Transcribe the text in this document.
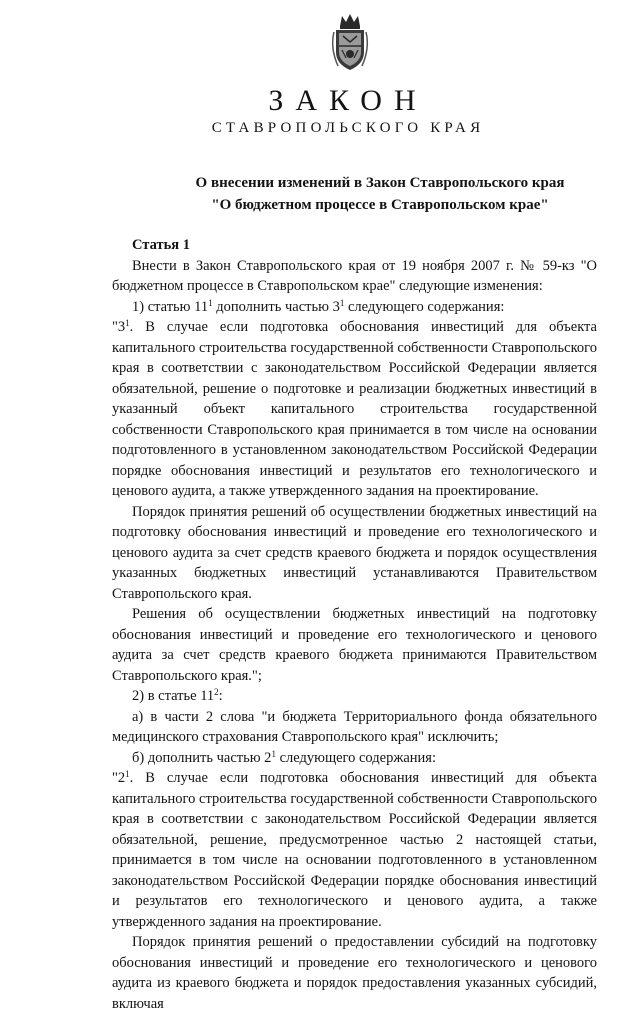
ЗАКОН
СТАВРОПОЛЬСКОГО КРАЯ
О внесении изменений в Закон Ставропольского края
"О бюджетном процессе в Ставропольском крае"

Статья 1

Внести в Закон Ставропольского края от 19 ноября 2007 г. № 59-кз "О бюджетном процессе в Ставропольском крае" следующие изменения:

1) статью $11^1$ дополнить частью $3^1$ следующего содержания:

"$3^1$. В случае если подготовка обоснования инвестиций для объекта капитального строительства государственной собственности Ставропольского края в соответствии с законодательством Российской Федерации является обязательной, решение о подготовке и реализации бюджетных инвестиций в указанный объект капитального строительства государственной собственности Ставропольского края принимается в том числе на основании подготовленного в установленном законодательством Российской Федерации порядке обоснования инвестиций и результатов его технологического и ценового аудита, а также утвержденного задания на проектирование.

Порядок принятия решений об осуществлении бюджетных инвестиций на подготовку обоснования инвестиций и проведение его технологического и ценового аудита за счет средств краевого бюджета и порядок осуществления указанных бюджетных инвестиций устанавливаются Правительством Ставропольского края.

Решения об осуществлении бюджетных инвестиций на подготовку обоснования инвестиций и проведение его технологического и ценового аудита за счет средств краевого бюджета принимаются Правительством Ставропольского края.";

2) в статье $11^2$:

а) в части 2 слова "и бюджета Территориального фонда обязательного медицинского страхования Ставропольского края" исключить;

б) дополнить частью $2^1$ следующего содержания:

"$2^1$. В случае если подготовка обоснования инвестиций для объекта капитального строительства государственной собственности Ставропольского края в соответствии с законодательством Российской Федерации является обязательной, решение, предусмотренное частью 2 настоящей статьи, принимается в том числе на основании подготовленного в установленном законодательством Российской Федерации порядке обоснования инвестиций и результатов его технологического и ценового аудита, а также утвержденного задания на проектирование.

Порядок принятия решений о предоставлении субсидий на подготовку обоснования инвестиций и проведение его технологического и ценового аудита из краевого бюджета и порядок предоставления указанных субсидий, включая
